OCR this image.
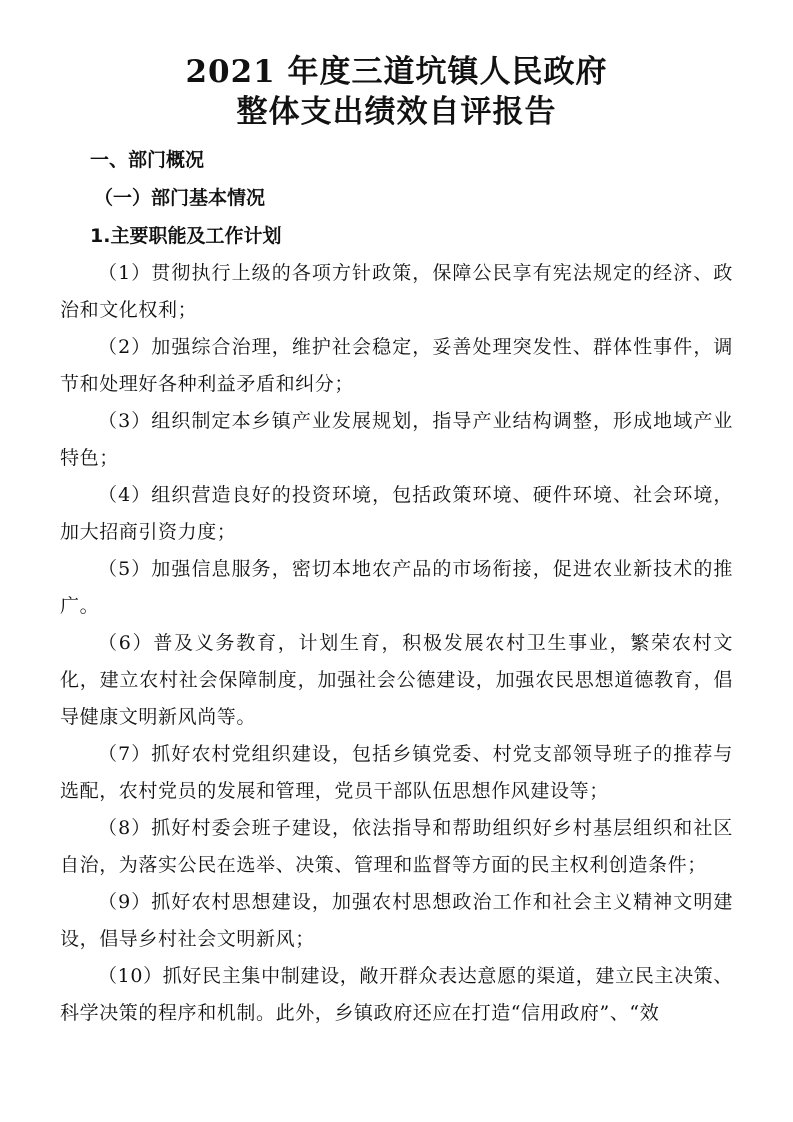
2021 年度三道坑镇人民政府
整体支出绩效自评报告
一、部门概况
（一）部门基本情况
1.主要职能及工作计划

（1）贯彻执行上级的各项方针政策，保障公民享有宪法规定的经济、政治和文化权利；

（2）加强综合治理，维护社会稳定，妥善处理突发性、群体性事件，调节和处理好各种利益矛盾和纠分；

（3）组织制定本乡镇产业发展规划，指导产业结构调整，形成地域产业特色；

（4）组织营造良好的投资环境，包括政策环境、硬件环境、社会环境，加大招商引资力度；

（5）加强信息服务，密切本地农产品的市场衔接，促进农业新技术的推广。

（6）普及义务教育，计划生育，积极发展农村卫生事业，繁荣农村文化，建立农村社会保障制度，加强社会公德建设，加强农民思想道德教育，倡导健康文明新风尚等。

（7）抓好农村党组织建设，包括乡镇党委、村党支部领导班子的推荐与选配，农村党员的发展和管理，党员干部队伍思想作风建设等；

（8）抓好村委会班子建设，依法指导和帮助组织好乡村基层组织和社区自治，为落实公民在选举、决策、管理和监督等方面的民主权利创造条件；

（9）抓好农村思想建设，加强农村思想政治工作和社会主义精神文明建设，倡导乡村社会文明新风；

（10）抓好民主集中制建设，敞开群众表达意愿的渠道，建立民主决策、科学决策的程序和机制。此外，乡镇政府还应在打造“信用政府”、“效
